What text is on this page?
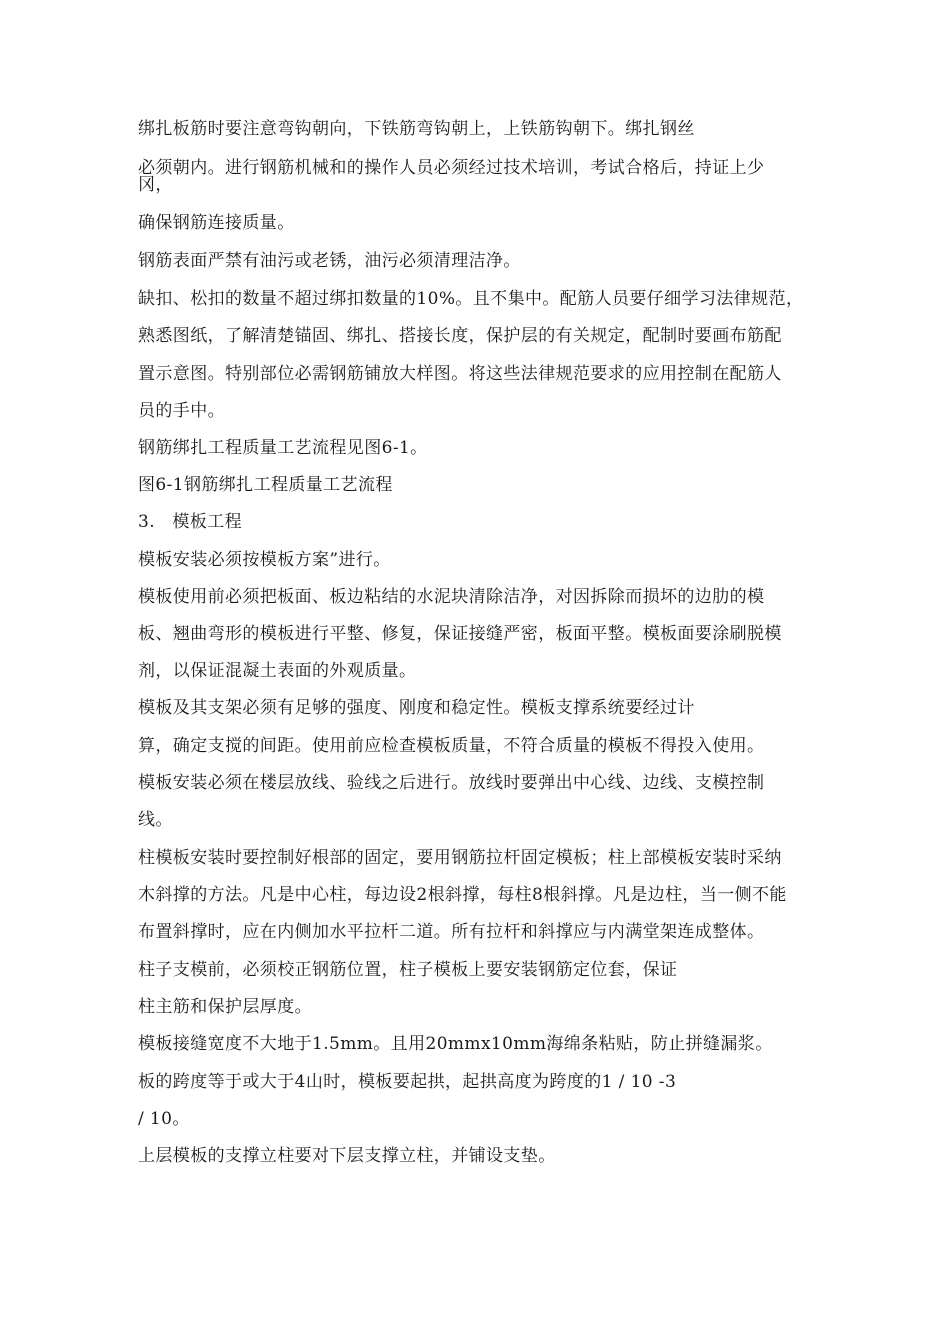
绑扎板筋时要注意弯钩朝向，下铁筋弯钩朝上，上铁筋钩朝下。绑扎钢丝

必须朝内。进行钢筋机械和的操作人员必须经过技术培训，考试合格后，持证上少冈，

确保钢筋连接质量。

钢筋表面严禁有油污或老锈，油污必须清理洁净。

缺扣、松扣的数量不超过绑扣数量的10%。且不集中。配筋人员要仔细学习法律规范，

熟悉图纸，了解清楚锚固、绑扎、搭接长度，保护层的有关规定，配制时要画布筋配

置示意图。特别部位必需钢筋铺放大样图。将这些法律规范要求的应用控制在配筋人

员的手中。

钢筋绑扎工程质量工艺流程见图6-1。

图6-1钢筋绑扎工程质量工艺流程

3.　模板工程

模板安装必须按模板方案”进行。

模板使用前必须把板面、板边粘结的水泥块清除洁净，对因拆除而损坏的边肋的模

板、翘曲弯形的模板进行平整、修复，保证接缝严密，板面平整。模板面要涂刷脱模

剂，以保证混凝土表面的外观质量。

模板及其支架必须有足够的强度、刚度和稳定性。模板支撑系统要经过计

算，确定支搅的间距。使用前应检查模板质量，不符合质量的模板不得投入使用。

模板安装必须在楼层放线、验线之后进行。放线时要弹出中心线、边线、支模控制

线。

柱模板安装时要控制好根部的固定，要用钢筋拉杆固定模板；柱上部模板安装时采纳

木斜撑的方法。凡是中心柱，每边设2根斜撑，每柱8根斜撑。凡是边柱，当一侧不能

布置斜撑时，应在内侧加水平拉杆二道。所有拉杆和斜撑应与内满堂架连成整体。

柱子支模前，必须校正钢筋位置，柱子模板上要安装钢筋定位套，保证

柱主筋和保护层厚度。

模板接缝宽度不大地于1.5mm。且用20mmx10mm海绵条粘贴，防止拼缝漏浆。

板的跨度等于或大于4山时，模板要起拱，起拱高度为跨度的1 / 10 -3

/ 10。

上层模板的支撑立柱要对下层支撑立柱，并铺设支垫。
